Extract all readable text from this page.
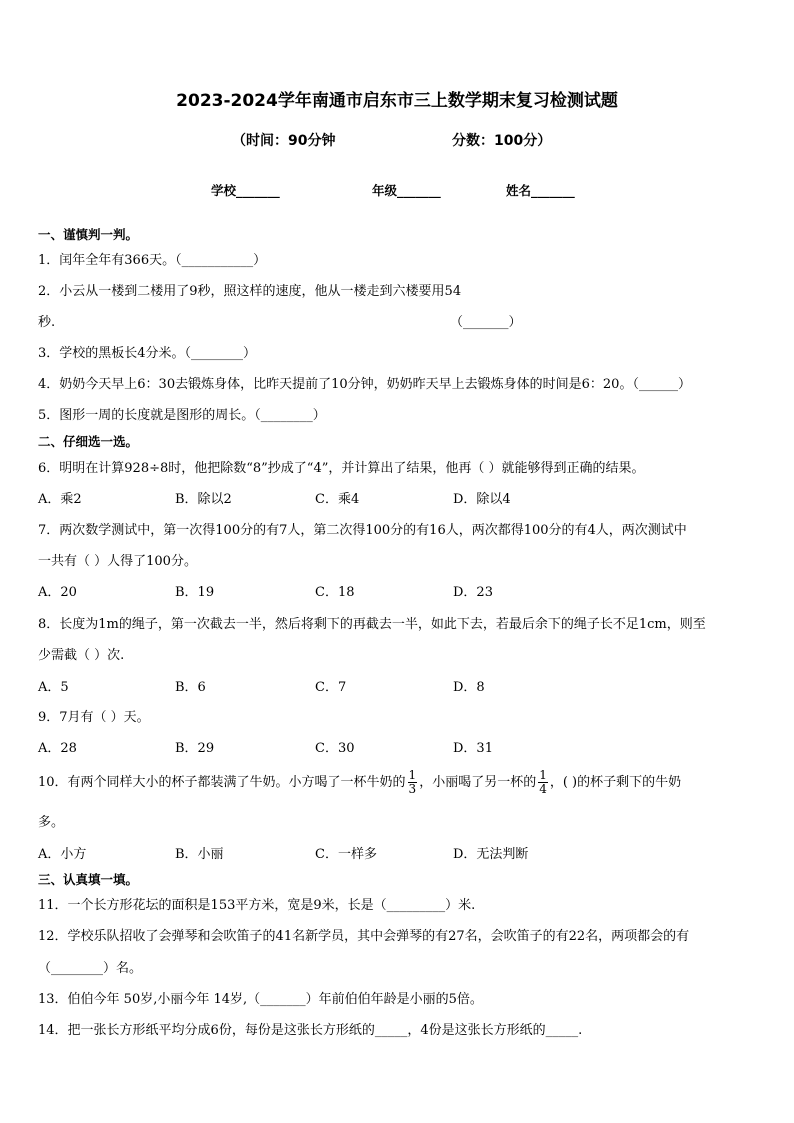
2023-2024学年南通市启东市三上数学期末复习检测试题
（时间：90分钟	分数：100分）
学校_______	年级_______	姓名_______
一、谨慎判一判。
1．闰年全年有366天。（___________）
2．小云从一楼到二楼用了9秒，照这样的速度，他从一楼走到六楼要用54
秒.	（_______）
3．学校的黑板长4分米。（________）
4．奶奶今天早上6：30去锻炼身体，比昨天提前了10分钟，奶奶昨天早上去锻炼身体的时间是6：20。（______）
5．图形一周的长度就是图形的周长。（________）
二、仔细选一选。
6．明明在计算928÷8时，他把除数“8”抄成了“4”，并计算出了结果，他再（ ）就能够得到正确的结果。
A．乘2	B．除以2	C．乘4	D．除以4
7．两次数学测试中，第一次得100分的有7人，第二次得100分的有16人，两次都得100分的有4人，两次测试中
一共有（ ）人得了100分。
A．20	B．19	C．18	D．23
8．长度为1m的绳子，第一次截去一半，然后将剩下的再截去一半，如此下去，若最后余下的绳子长不足1cm，则至
少需截（ ）次.
A．5	B．6	C．7	D．8
9．7月有（ ）天。
A．28	B．29	C．30	D．31
10．有两个同样大小的杯子都装满了牛奶。小方喝了一杯牛奶的 $\frac{1}{3}$ ，小丽喝了另一杯的 $\frac{1}{4}$ ，( )的杯子剩下的牛奶
多。
A．小方	B．小丽	C．一样多	D．无法判断
三、认真填一填。
11．一个长方形花坛的面积是153平方米，宽是9米，长是（_________）米.
12．学校乐队招收了会弹琴和会吹笛子的41名新学员，其中会弹琴的有27名，会吹笛子的有22名，两项都会的有
（________）名。
13．伯伯今年 50岁,小丽今年 14岁,（_______）年前伯伯年龄是小丽的5倍。
14．把一张长方形纸平均分成6份，每份是这张长方形纸的_____，4份是这张长方形纸的_____.
